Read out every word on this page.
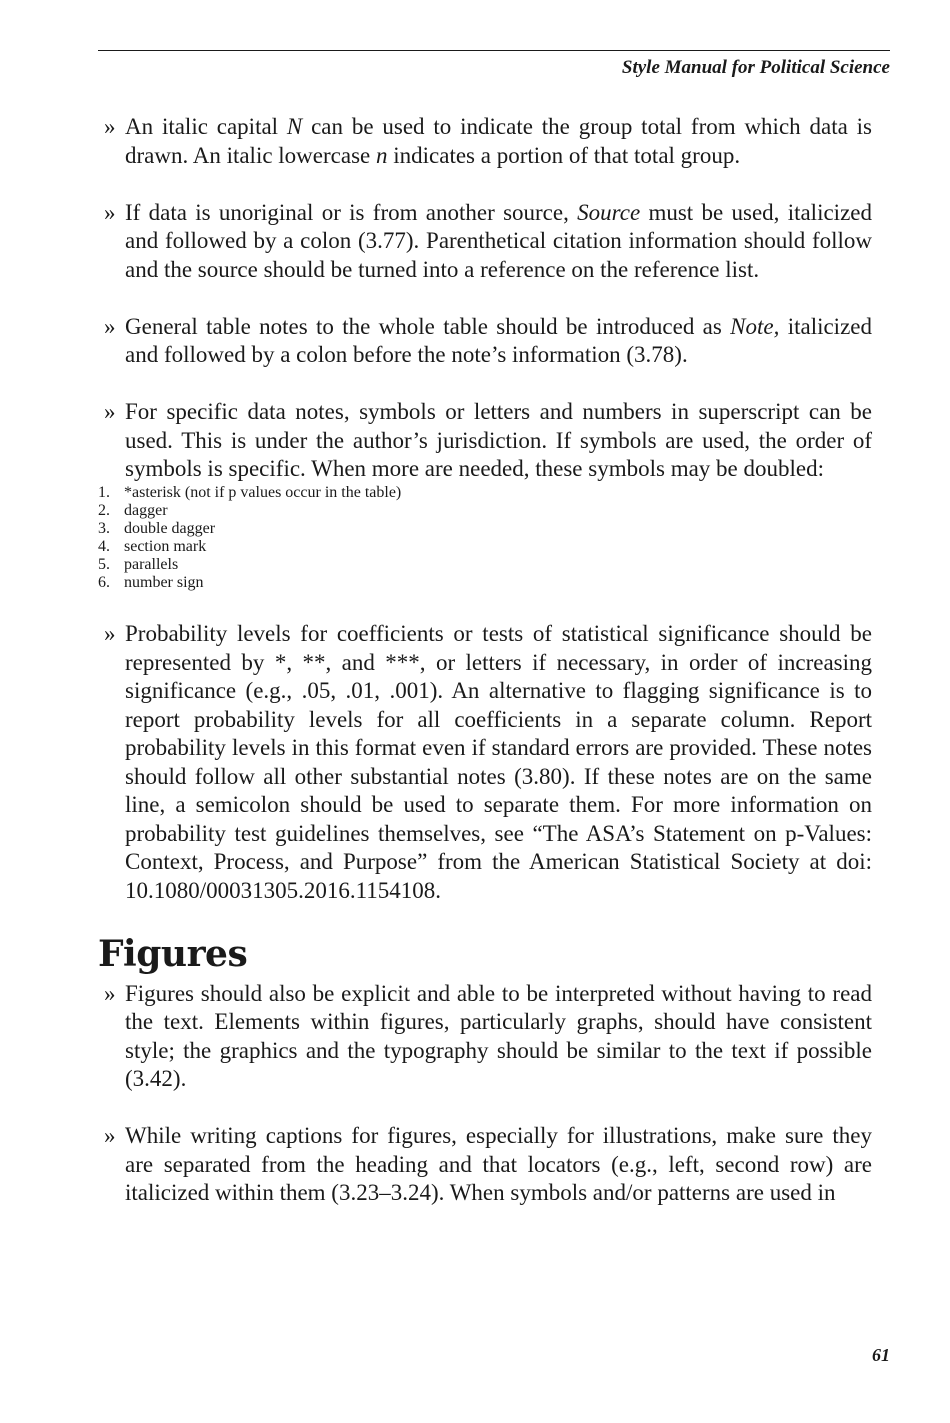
Style Manual for Political Science
» An italic capital N can be used to indicate the group total from which data is drawn. An italic lowercase n indicates a portion of that total group.
» If data is unoriginal or is from another source, Source must be used, italicized and followed by a colon (3.77). Parenthetical citation information should follow and the source should be turned into a reference on the reference list.
» General table notes to the whole table should be introduced as Note, italicized and followed by a colon before the note’s information (3.78).
» For specific data notes, symbols or letters and numbers in superscript can be used. This is under the author’s jurisdiction. If symbols are used, the order of symbols is specific. When more are needed, these symbols may be doubled:
1. *asterisk (not if p values occur in the table)
2. dagger
3. double dagger
4. section mark
5. parallels
6. number sign
» Probability levels for coefficients or tests of statistical significance should be represented by *, **, and ***, or letters if necessary, in order of increasing significance (e.g., .05, .01, .001). An alternative to flagging significance is to report probability levels for all coefficients in a separate column. Report probability levels in this format even if standard errors are provided. These notes should follow all other substantial notes (3.80). If these notes are on the same line, a semicolon should be used to separate them. For more information on probability test guidelines themselves, see “The ASA’s Statement on p-Values: Context, Process, and Purpose” from the American Statistical Society at doi: 10.1080/00031305.2016.1154108.
Figures
» Figures should also be explicit and able to be interpreted without having to read the text. Elements within figures, particularly graphs, should have consistent style; the graphics and the typography should be similar to the text if possible (3.42).
» While writing captions for figures, especially for illustrations, make sure they are separated from the heading and that locators (e.g., left, second row) are italicized within them (3.23–3.24). When symbols and/or patterns are used in
61
